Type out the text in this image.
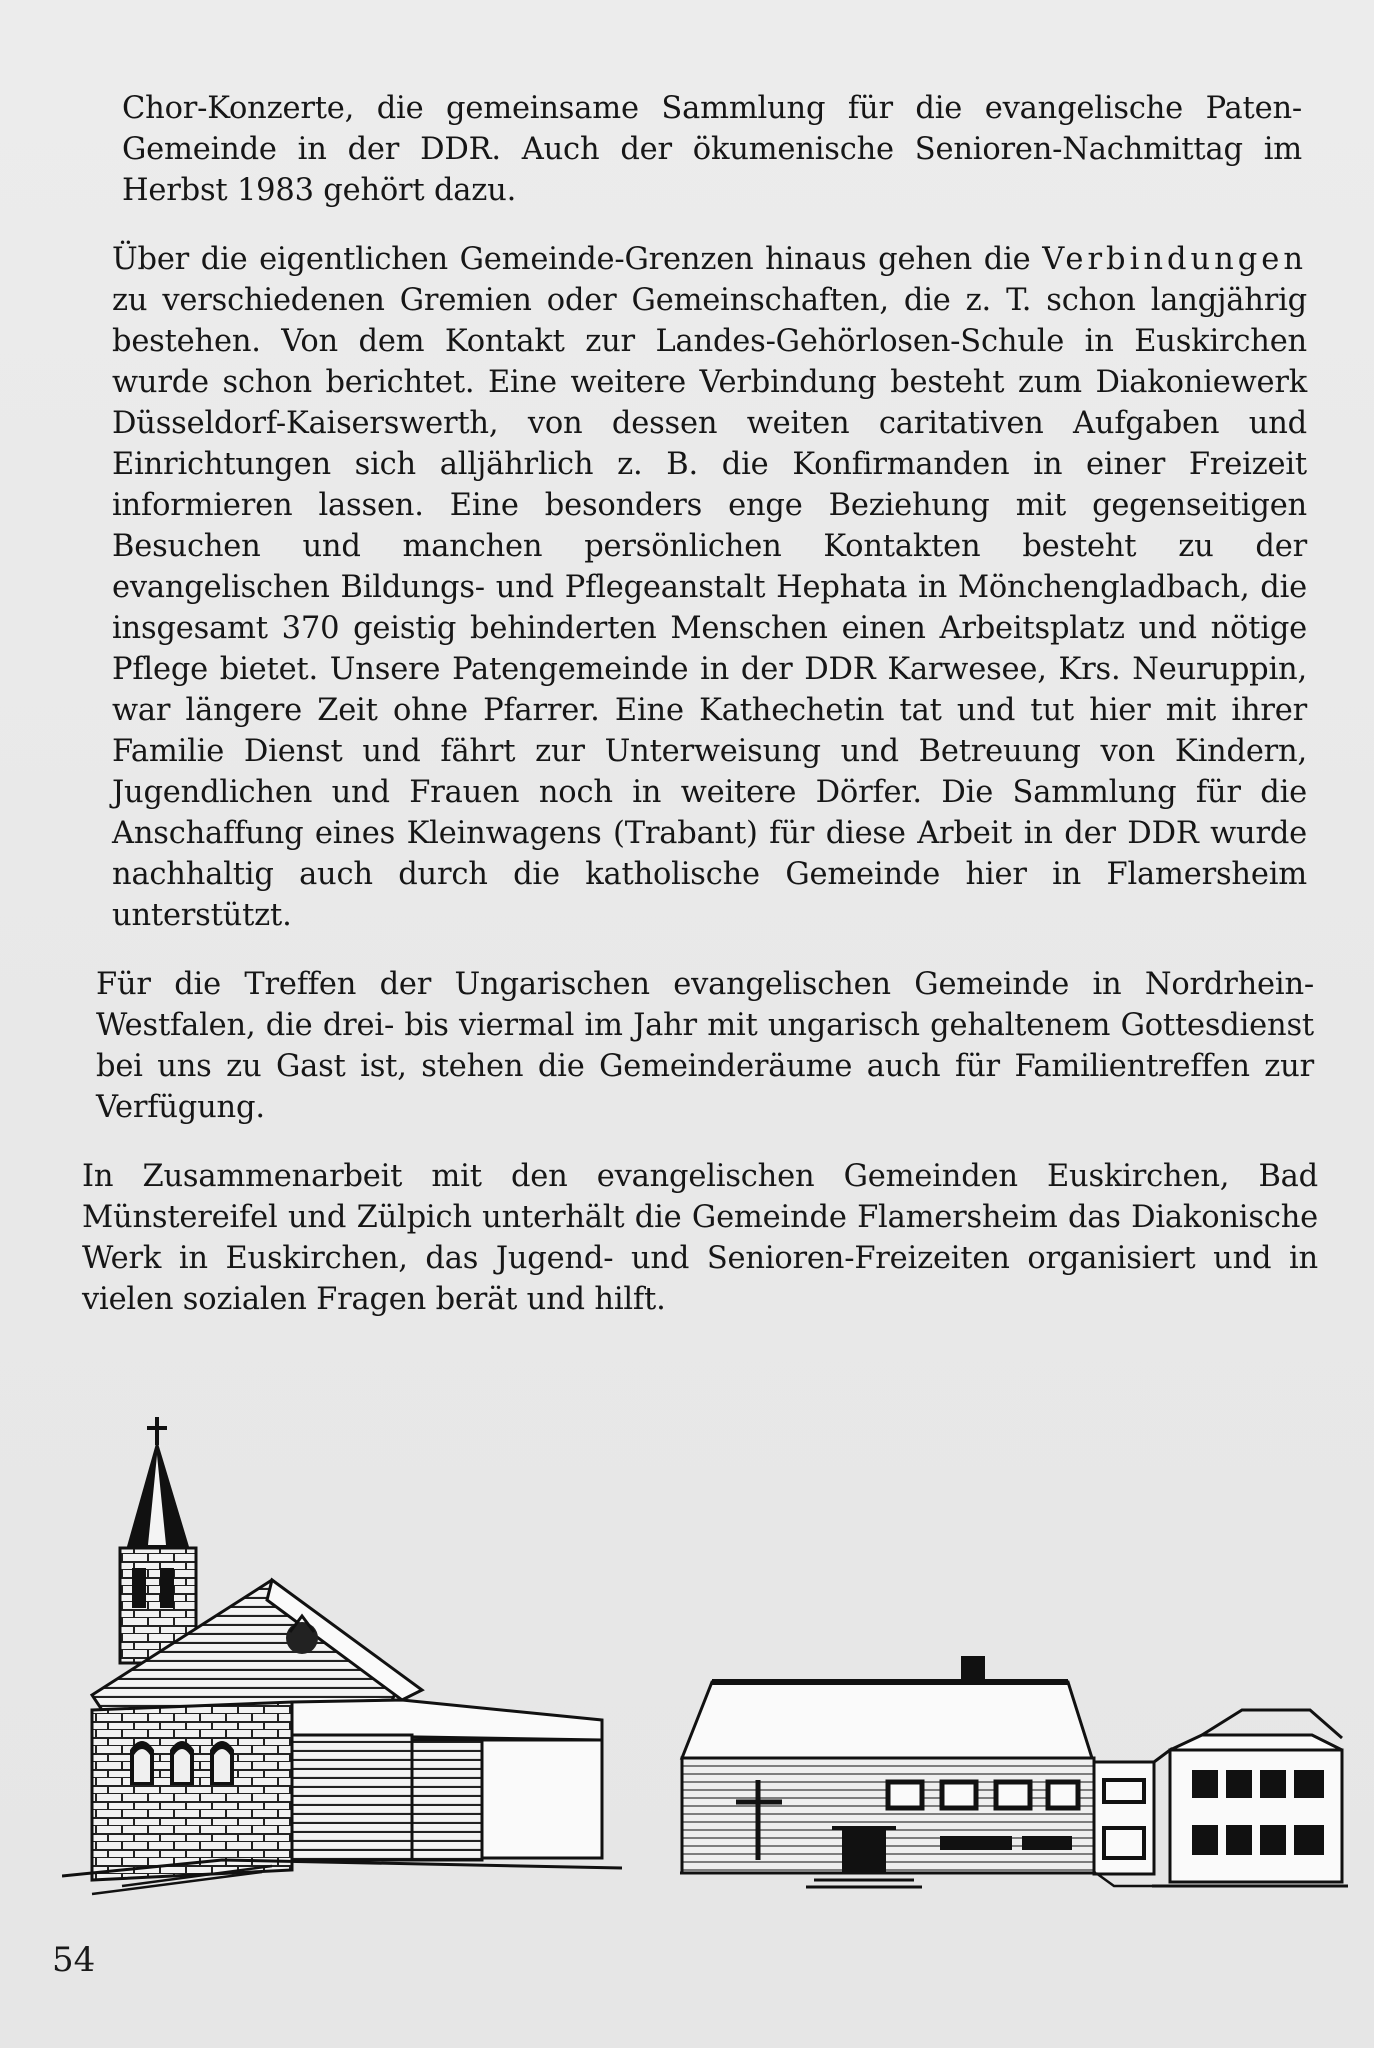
Chor-Konzerte, die gemeinsame Sammlung für die evangelische Paten-Gemeinde in der DDR. Auch der ökumenische Senioren-Nachmittag im Herbst 1983 gehört dazu.

Über die eigentlichen Gemeinde-Grenzen hinaus gehen die Verbindungen zu verschiedenen Gremien oder Gemeinschaften, die z. T. schon langjährig bestehen. Von dem Kontakt zur Landes-Gehörlosen-Schule in Euskirchen wurde schon berichtet. Eine weitere Verbindung besteht zum Diakoniewerk Düsseldorf-Kaiserswerth, von dessen weiten caritativen Aufgaben und Einrichtungen sich alljährlich z. B. die Konfirmanden in einer Freizeit informieren lassen. Eine besonders enge Beziehung mit gegenseitigen Besuchen und manchen persönlichen Kontakten besteht zu der evangelischen Bildungs- und Pflegeanstalt Hephata in Mönchengladbach, die insgesamt 370 geistig behinderten Menschen einen Arbeitsplatz und nötige Pflege bietet. Unsere Patengemeinde in der DDR Karwesee, Krs. Neuruppin, war längere Zeit ohne Pfarrer. Eine Kathechetin tat und tut hier mit ihrer Familie Dienst und fährt zur Unterweisung und Betreuung von Kindern, Jugendlichen und Frauen noch in weitere Dörfer. Die Sammlung für die Anschaffung eines Kleinwagens (Trabant) für diese Arbeit in der DDR wurde nachhaltig auch durch die katholische Gemeinde hier in Flamersheim unterstützt.

Für die Treffen der Ungarischen evangelischen Gemeinde in Nordrhein-Westfalen, die drei- bis viermal im Jahr mit ungarisch gehaltenem Gottesdienst bei uns zu Gast ist, stehen die Gemeinderäume auch für Familientreffen zur Verfügung.

In Zusammenarbeit mit den evangelischen Gemeinden Euskirchen, Bad Münstereifel und Zülpich unterhält die Gemeinde Flamersheim das Diakonische Werk in Euskirchen, das Jugend- und Senioren-Freizeiten organisiert und in vielen sozialen Fragen berät und hilft.

54
